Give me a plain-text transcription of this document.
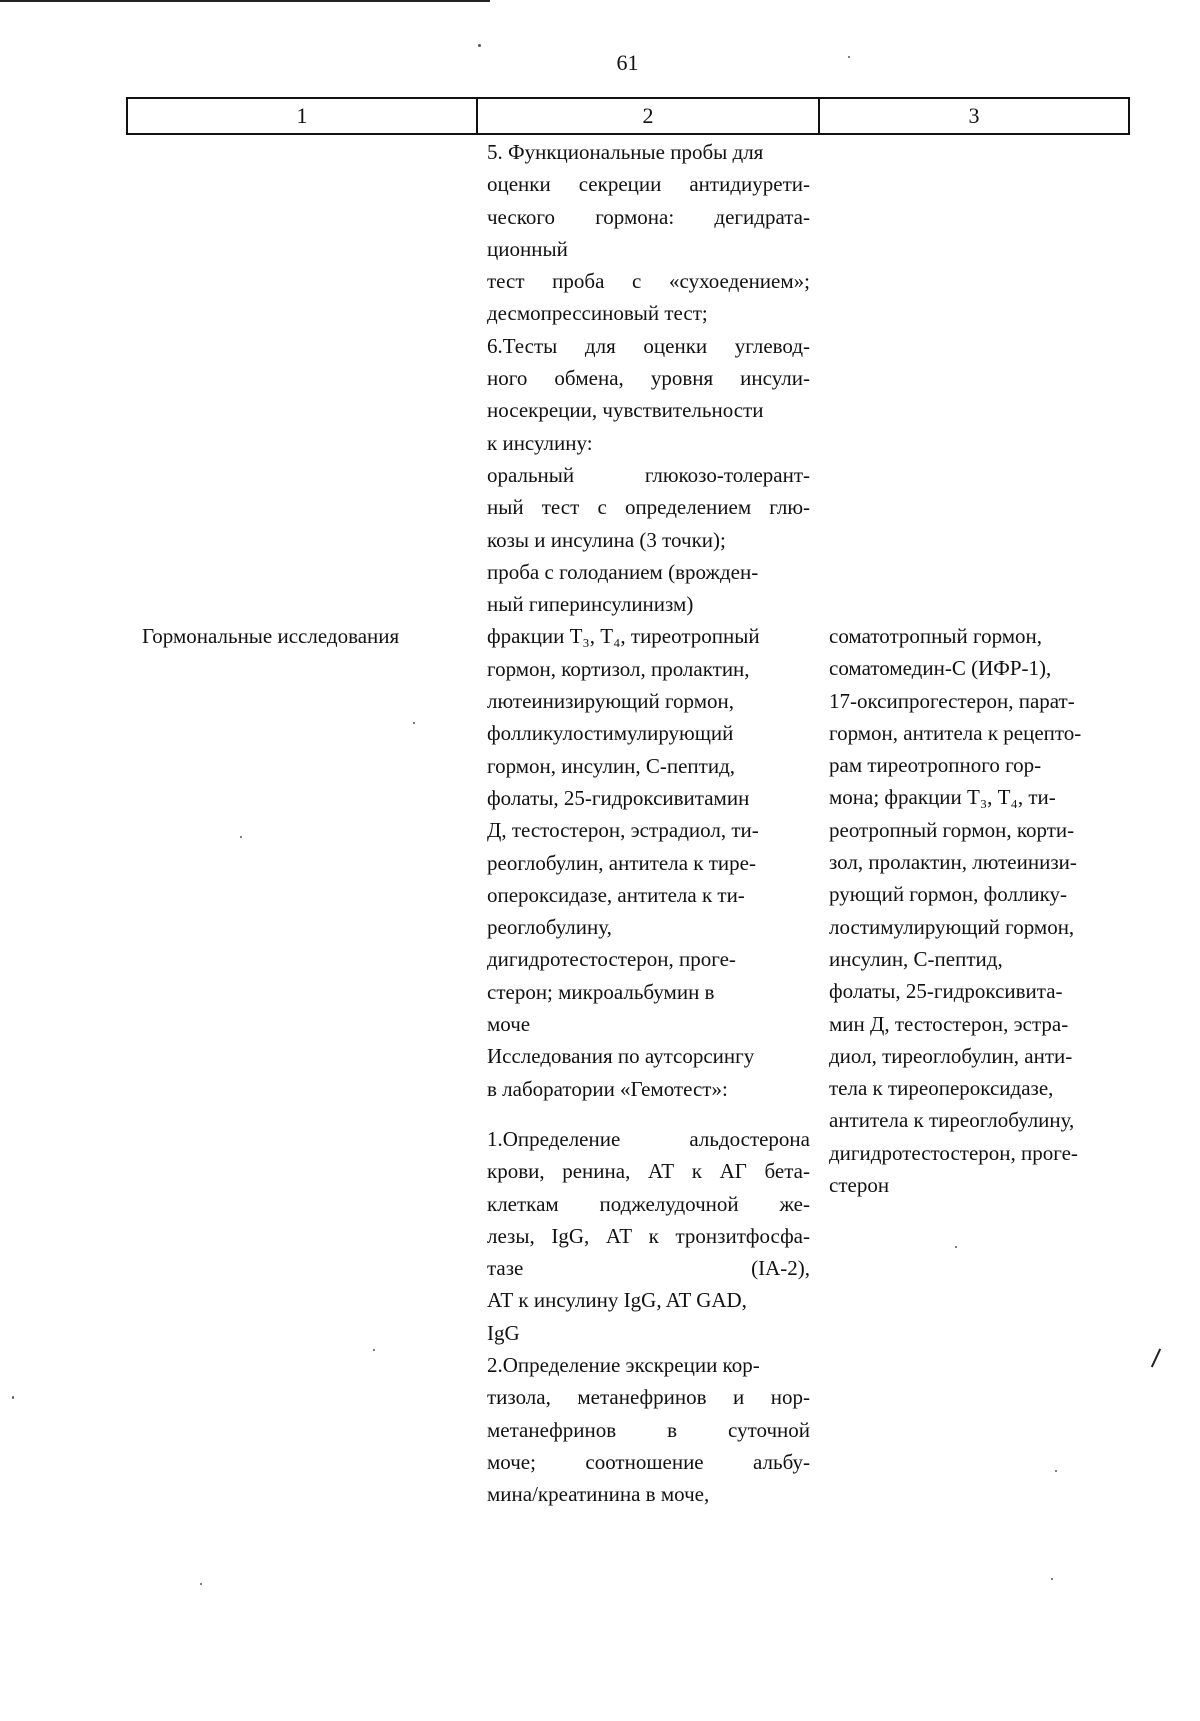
61
1	2	3
Гормональные исследования
5. Функциональные пробы для
оценки секреции антидиурети-
ческого гормона: дегидрата-
ционный
тест проба с «сухоедением»;
десмопрессиновый тест;
6.Тесты для оценки углевод-
ного обмена, уровня инсули-
носекреции, чувствительности
к инсулину:
оральный глюкозо-толерант-
ный тест с определением глю-
козы и инсулина (3 точки);
проба с голоданием (врожден-
ный гиперинсулинизм)
фракции Т₃, Т₄, тиреотропный
гормон, кортизол, пролактин,
лютеинизирующий гормон,
фолликулостимулирующий
гормон, инсулин, С-пептид,
фолаты, 25-гидроксивитамин
Д, тестостерон, эстрадиол, ти-
реоглобулин, антитела к тире-
опероксидазе, антитела к ти-
реоглобулину,
дигидротестостерон, проге-
стерон; микроальбумин в
моче
Исследования по аутсорсингу
в лаборатории «Гемотест»:
1.Определение альдостерона
крови, ренина, АТ к АГ бета-
клеткам поджелудочной же-
лезы, IgG, АТ к тронзитфосфа-
тазе (IA-2),
АТ к инсулину IgG, AT GAD,
IgG
2.Определение экскреции кор-
тизола, метанефринов и нор-
метанефринов в суточной
моче; соотношение альбу-
мина/креатинина в моче,
соматотропный гормон,
соматомедин-С (ИФР-1),
17-оксипрогестерон, парат-
гормон, антитела к рецепто-
рам тиреотропного гор-
мона; фракции Т₃, Т₄, ти-
реотропный гормон, корти-
зол, пролактин, лютеинизи-
рующий гормон, фоллику-
лостимулирующий гормон,
инсулин, С-пептид,
фолаты, 25-гидроксивита-
мин Д, тестостерон, эстра-
диол, тиреоглобулин, анти-
тела к тиреопероксидазе,
антитела к тиреоглобулину,
дигидротестостерон, проге-
стерон
